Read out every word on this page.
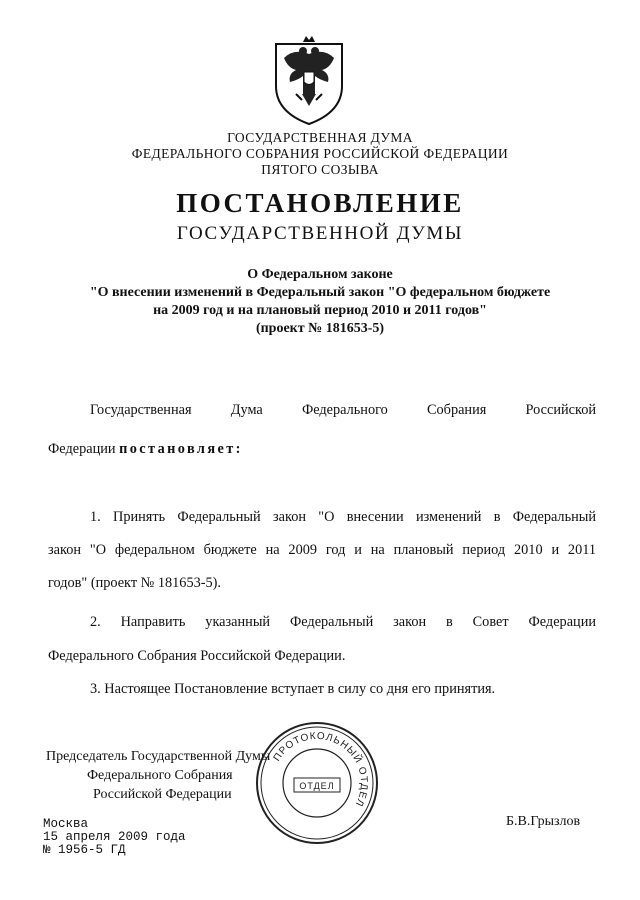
ГОСУДАРСТВЕННАЯ ДУМА
ФЕДЕРАЛЬНОГО СОБРАНИЯ РОССИЙСКОЙ ФЕДЕРАЦИИ
ПЯТОГО СОЗЫВА
ПОСТАНОВЛЕНИЕ
ГОСУДАРСТВЕННОЙ ДУМЫ
О Федеральном законе
"О внесении изменений в Федеральный закон "О федеральном бюджете
на 2009 год и на плановый период 2010 и 2011 годов"
(проект № 181653-5)
Государственная Дума Федерального Собрания Российской
Федерации постановляет:
1. Принять Федеральный закон "О внесении изменений в Федеральный
закон "О федеральном бюджете на 2009 год и на плановый период 2010 и 2011
годов" (проект № 181653-5).
2. Направить указанный Федеральный закон в Совет Федерации
Федерального Собрания Российской Федерации.
3. Настоящее Постановление вступает в силу со дня его принятия.
Председатель Государственной Думы
Федерального Собрания
Российской Федерации
Б.В.Грызлов
ПРОТОКОЛЬНЫЙ ОТДЕЛ
ОТДЕЛ
Москва
15 апреля 2009 года
№ 1956-5 ГД
